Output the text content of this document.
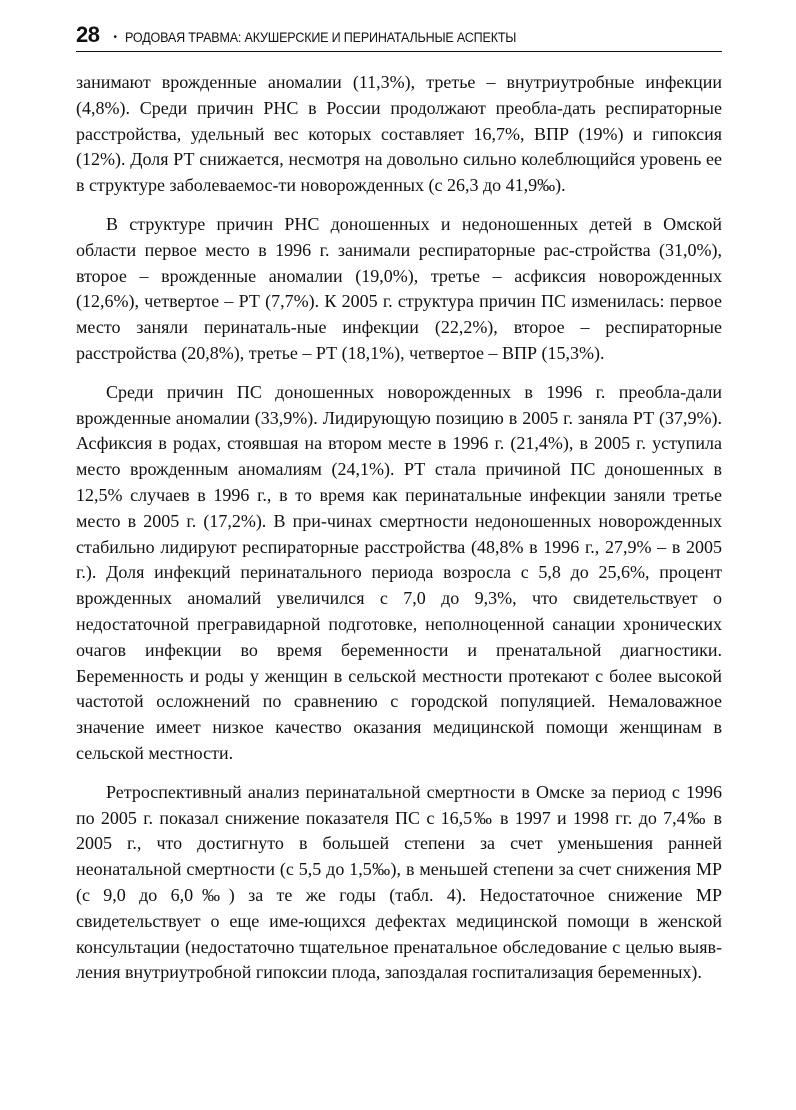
28 • РОДОВАЯ ТРАВМА: АКУШЕРСКИЕ И ПЕРИНАТАЛЬНЫЕ АСПЕКТЫ

занимают врожденные аномалии (11,3%), третье – внутриутробные инфекции (4,8%). Среди причин РНС в России продолжают преобла-дать респираторные расстройства, удельный вес которых составляет 16,7%, ВПР (19%) и гипоксия (12%). Доля РТ снижается, несмотря на довольно сильно колеблющийся уровень ее в структуре заболеваемос-ти новорожденных (с 26,3 до 41,9‰).

В структуре причин РНС доношенных и недоношенных детей в Омской области первое место в 1996 г. занимали респираторные рас-стройства (31,0%), второе – врожденные аномалии (19,0%), третье – асфиксия новорожденных (12,6%), четвертое – РТ (7,7%). К 2005 г. структура причин ПС изменилась: первое место заняли перинаталь-ные инфекции (22,2%), второе – респираторные расстройства (20,8%), третье – РТ (18,1%), четвертое – ВПР (15,3%).

Среди причин ПС доношенных новорожденных в 1996 г. преобла-дали врожденные аномалии (33,9%). Лидирующую позицию в 2005 г. заняла РТ (37,9%). Асфиксия в родах, стоявшая на втором месте в 1996 г. (21,4%), в 2005 г. уступила место врожденным аномалиям (24,1%). РТ стала причиной ПС доношенных в 12,5% случаев в 1996 г., в то время как перинатальные инфекции заняли третье место в 2005 г. (17,2%). В при-чинах смертности недоношенных новорожденных стабильно лидируют респираторные расстройства (48,8% в 1996 г., 27,9% – в 2005 г.). Доля инфекций перинатального периода возросла с 5,8 до 25,6%, процент врожденных аномалий увеличился с 7,0 до 9,3%, что свидетельствует о недостаточной прегравидарной подготовке, неполноценной санации хронических очагов инфекции во время беременности и пренатальной диагностики. Беременность и роды у женщин в сельской местности протекают с более высокой частотой осложнений по сравнению с городской популяцией. Немаловажное значение имеет низкое качество оказания медицинской помощи женщинам в сельской местности.

Ретроспективный анализ перинатальной смертности в Омске за период с 1996 по 2005 г. показал снижение показателя ПС с 16,5‰ в 1997 и 1998 гг. до 7,4‰ в 2005 г., что достигнуто в большей степени за счет уменьшения ранней неонатальной смертности (с 5,5 до 1,5‰), в меньшей степени за счет снижения МР (с 9,0 до 6,0‰) за те же годы (табл. 4). Недостаточное снижение МР свидетельствует о еще име-ющихся дефектах медицинской помощи в женской консультации (недостаточно тщательное пренатальное обследование с целью выяв-ления внутриутробной гипоксии плода, запоздалая госпитализация беременных).
